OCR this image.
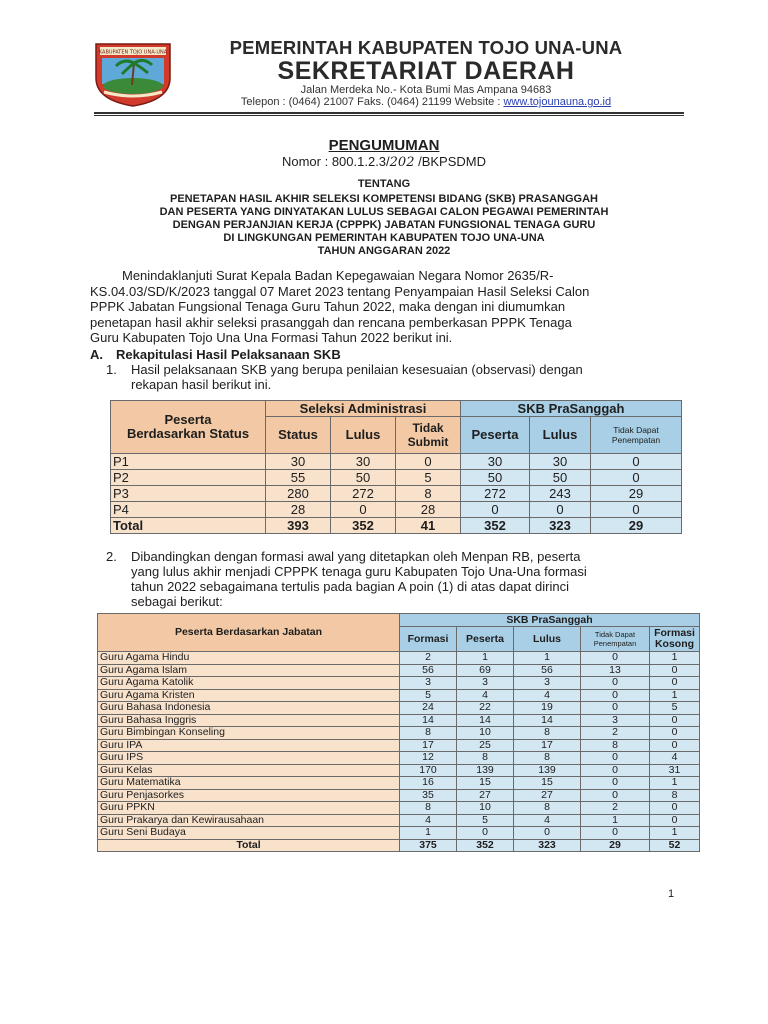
KABUPATEN TOJO UNA-UNA	PEMERINTAH KABUPATEN TOJO UNA-UNA
SEKRETARIAT DAERAH
Jalan Merdeka No.- Kota Bumi Mas Ampana 94683
Telepon : (0464) 21007 Faks. (0464) 21199 Website : www.tojounauna.go.id
PENGUMUMAN
Nomor : 800.1.2.3/202 /BKPSDMD
TENTANG
PENETAPAN HASIL AKHIR SELEKSI KOMPETENSI BIDANG (SKB) PRASANGGAH
DAN PESERTA YANG DINYATAKAN LULUS SEBAGAI CALON PEGAWAI PEMERINTAH
DENGAN PERJANJIAN KERJA (CPPPK) JABATAN FUNGSIONAL TENAGA GURU
DI LINGKUNGAN PEMERINTAH KABUPATEN TOJO UNA-UNA
TAHUN ANGGARAN 2022
Menindaklanjuti Surat Kepala Badan Kepegawaian Negara Nomor 2635/R-
KS.04.03/SD/K/2023 tanggal 07 Maret 2023 tentang Penyampaian Hasil Seleksi Calon
PPPK Jabatan Fungsional Tenaga Guru Tahun 2022, maka dengan ini diumumkan
penetapan hasil akhir seleksi prasanggah dan rencana pemberkasan PPPK Tenaga
Guru Kabupaten Tojo Una Una Formasi Tahun 2022 berikut ini.
A. Rekapitulasi Hasil Pelaksanaan SKB
1. Hasil pelaksanaan SKB yang berupa penilaian kesesuaian (observasi) dengan
rekapan hasil berikut ini.
Peserta
Berdasarkan Status	Seleksi Administrasi			SKB PraSanggah		
	Status	Lulus	Tidak Submit	Peserta	Lulus	Tidak Dapat Penempatan
P1	30	30	0	30	30	0
P2	55	50	5	50	50	0
P3	280	272	8	272	243	29
P4	28	0	28	0	0	0
Total	393	352	41	352	323	29
2. Dibandingkan dengan formasi awal yang ditetapkan oleh Menpan RB, peserta
yang lulus akhir menjadi CPPPK tenaga guru Kabupaten Tojo Una-Una formasi
tahun 2022 sebagaimana tertulis pada bagian A poin (1) di atas dapat dirinci
sebagai berikut:
Peserta Berdasarkan Jabatan	SKB PraSanggah				
	Formasi	Peserta	Lulus	Tidak Dapat Penempatan	Formasi Kosong
Guru Agama Hindu	2	1	1	0	1
Guru Agama Islam	56	69	56	13	0
Guru Agama Katolik	3	3	3	0	0
Guru Agama Kristen	5	4	4	0	1
Guru Bahasa Indonesia	24	22	19	0	5
Guru Bahasa Inggris	14	14	14	3	0
Guru Bimbingan Konseling	8	10	8	2	0
Guru IPA	17	25	17	8	0
Guru IPS	12	8	8	0	4
Guru Kelas	170	139	139	0	31
Guru Matematika	16	15	15	0	1
Guru Penjasorkes	35	27	27	0	8
Guru PPKN	8	10	8	2	0
Guru Prakarya dan Kewirausahaan	4	5	4	1	0
Guru Seni Budaya	1	0	0	0	1
Total	375	352	323	29	52
1
